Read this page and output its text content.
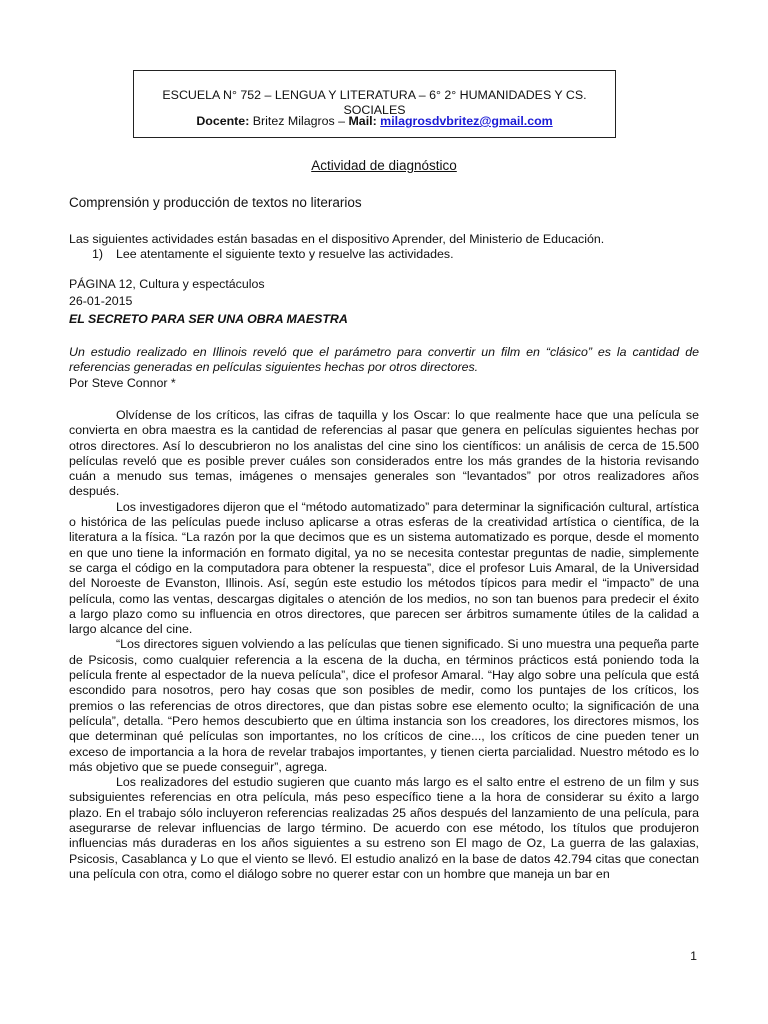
ESCUELA N° 752 – LENGUA Y LITERATURA – 6° 2° HUMANIDADES Y CS. SOCIALES
Docente: Britez Milagros – Mail: milagrosdvbritez@gmail.com
Actividad de diagnóstico
Comprensión y producción de textos no literarios
Las siguientes actividades están basadas en el dispositivo Aprender, del Ministerio de Educación.
1) Lee atentamente el siguiente texto y resuelve las actividades.
PÁGINA 12, Cultura y espectáculos
26-01-2015
EL SECRETO PARA SER UNA OBRA MAESTRA
Un estudio realizado en Illinois reveló que el parámetro para convertir un film en “clásico” es la cantidad de referencias generadas en películas siguientes hechas por otros directores.
Por Steve Connor *

Olvídense de los críticos, las cifras de taquilla y los Oscar: lo que realmente hace que una película se convierta en obra maestra es la cantidad de referencias al pasar que genera en películas siguientes hechas por otros directores. Así lo descubrieron no los analistas del cine sino los científicos: un análisis de cerca de 15.500 películas reveló que es posible prever cuáles son considerados entre los más grandes de la historia revisando cuán a menudo sus temas, imágenes o mensajes generales son “levantados” por otros realizadores años después.

Los investigadores dijeron que el “método automatizado” para determinar la significación cultural, artística o histórica de las películas puede incluso aplicarse a otras esferas de la creatividad artística o científica, de la literatura a la física. “La razón por la que decimos que es un sistema automatizado es porque, desde el momento en que uno tiene la información en formato digital, ya no se necesita contestar preguntas de nadie, simplemente se carga el código en la computadora para obtener la respuesta”, dice el profesor Luis Amaral, de la Universidad del Noroeste de Evanston, Illinois. Así, según este estudio los métodos típicos para medir el “impacto” de una película, como las ventas, descargas digitales o atención de los medios, no son tan buenos para predecir el éxito a largo plazo como su influencia en otros directores, que parecen ser árbitros sumamente útiles de la calidad a largo alcance del cine.

“Los directores siguen volviendo a las películas que tienen significado. Si uno muestra una pequeña parte de Psicosis, como cualquier referencia a la escena de la ducha, en términos prácticos está poniendo toda la película frente al espectador de la nueva película”, dice el profesor Amaral. “Hay algo sobre una película que está escondido para nosotros, pero hay cosas que son posibles de medir, como los puntajes de los críticos, los premios o las referencias de otros directores, que dan pistas sobre ese elemento oculto; la significación de una película”, detalla. “Pero hemos descubierto que en última instancia son los creadores, los directores mismos, los que determinan qué películas son importantes, no los críticos de cine..., los críticos de cine pueden tener un exceso de importancia a la hora de revelar trabajos importantes, y tienen cierta parcialidad. Nuestro método es lo más objetivo que se puede conseguir”, agrega.

Los realizadores del estudio sugieren que cuanto más largo es el salto entre el estreno de un film y sus subsiguientes referencias en otra película, más peso específico tiene a la hora de considerar su éxito a largo plazo. En el trabajo sólo incluyeron referencias realizadas 25 años después del lanzamiento de una película, para asegurarse de relevar influencias de largo término. De acuerdo con ese método, los títulos que produjeron influencias más duraderas en los años siguientes a su estreno son El mago de Oz, La guerra de las galaxias, Psicosis, Casablanca y Lo que el viento se llevó. El estudio analizó en la base de datos 42.794 citas que conectan una película con otra, como el diálogo sobre no querer estar con un hombre que maneja un bar en

1
